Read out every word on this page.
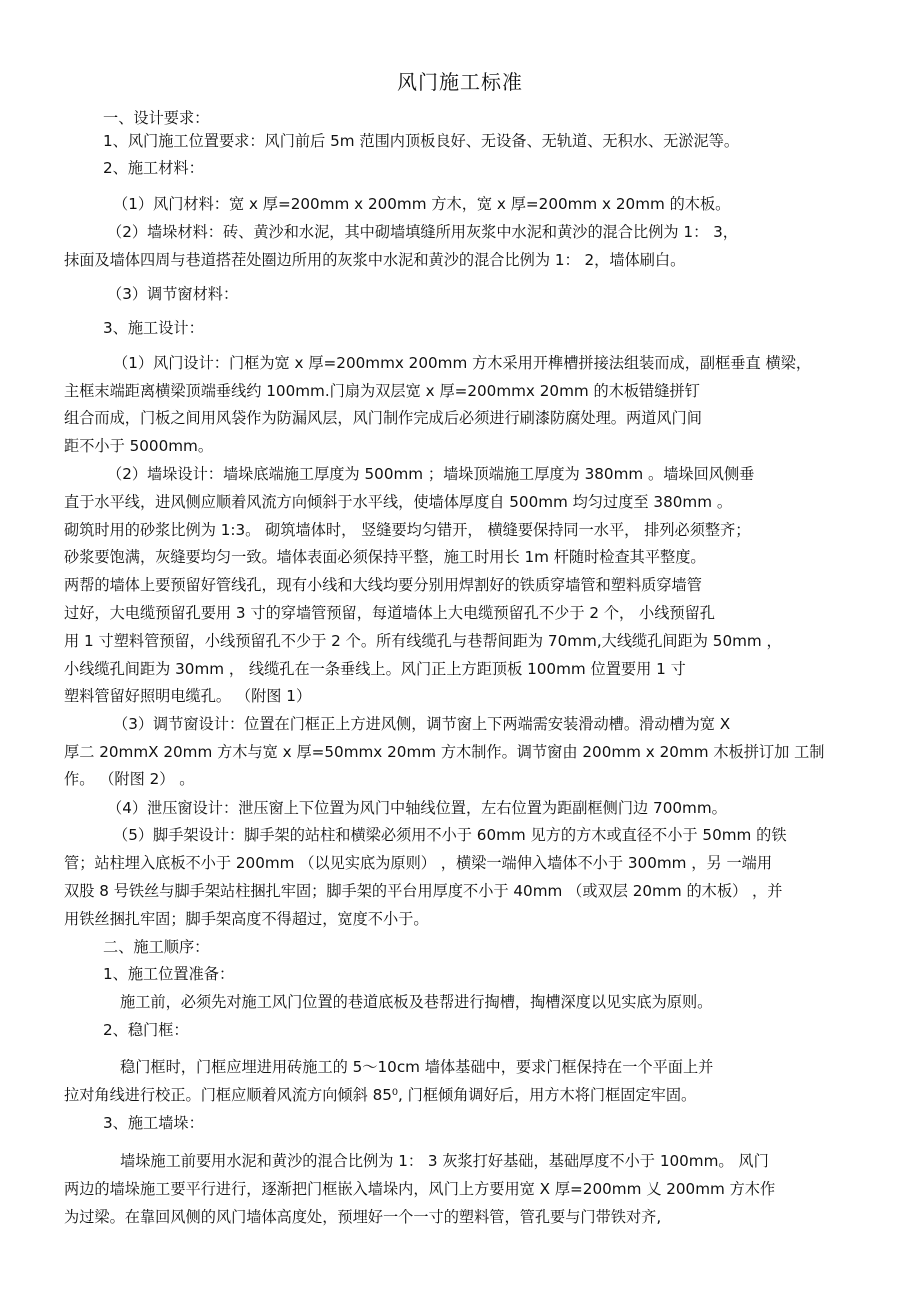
风门施工标准
一、设计要求：
1、风门施工位置要求：风门前后 5m 范围内顶板良好、无设备、无轨道、无积水、无淤泥等。
2、施工材料：
（1）风门材料：宽 x 厚=200mm x 200mm 方木，宽 x 厚=200mm x 20mm 的木板。
（2）墙垛材料：砖、黄沙和水泥，其中砌墙填缝所用灰浆中水泥和黄沙的混合比例为 1： 3，
抹面及墙体四周与巷道搭茬处圈边所用的灰浆中水泥和黄沙的混合比例为 1： 2，墙体刷白。
（3）调节窗材料：
3、施工设计：
（1）风门设计：门框为宽 x 厚=200mmx 200mm 方木采用开榫槽拼接法组装而成，副框垂直 横梁，
主框末端距离横梁顶端垂线约 100mm.门扇为双层宽 x 厚=200mmx 20mm 的木板错缝拼钉
组合而成，门板之间用风袋作为防漏风层，风门制作完成后必须进行刷漆防腐处理。两道风门间
距不小于 5000mm。
（2）墙垛设计：墙垛底端施工厚度为 500mm ；墙垛顶端施工厚度为 380mm 。墙垛回风侧垂
直于水平线，进风侧应顺着风流方向倾斜于水平线，使墙体厚度自 500mm 均匀过度至 380mm 。
砌筑时用的砂浆比例为 1:3。 砌筑墙体时， 竖缝要均匀错开， 横缝要保持同一水平， 排列必须整齐；
砂浆要饱满，灰缝要均匀一致。墙体表面必须保持平整，施工时用长 1m 杆随时检查其平整度。
两帮的墙体上要预留好管线孔，现有小线和大线均要分别用焊割好的铁质穿墙管和塑料质穿墙管
过好，大电缆预留孔要用 3 寸的穿墙管预留，每道墙体上大电缆预留孔不少于 2 个， 小线预留孔
用 1 寸塑料管预留，小线预留孔不少于 2 个。所有线缆孔与巷帮间距为 70mm,大线缆孔间距为 50mm ，
小线缆孔间距为 30mm ， 线缆孔在一条垂线上。风门正上方距顶板 100mm 位置要用 1 寸
塑料管留好照明电缆孔。 （附图 1）
（3）调节窗设计：位置在门框正上方进风侧，调节窗上下两端需安装滑动槽。滑动槽为宽 X
厚二 20mmX 20mm 方木与宽 x 厚=50mmx 20mm 方木制作。调节窗由 200mm x 20mm 木板拼订加 工制
作。 （附图 2） 。
（4）泄压窗设计：泄压窗上下位置为风门中轴线位置，左右位置为距副框侧门边 700mm。
（5）脚手架设计：脚手架的站柱和横梁必须用不小于 60mm 见方的方木或直径不小于 50mm 的铁
管；站柱埋入底板不小于 200mm （以见实底为原则） ，横梁一端伸入墙体不小于 300mm ，另 一端用
双股 8 号铁丝与脚手架站柱捆扎牢固；脚手架的平台用厚度不小于 40mm （或双层 20mm 的木板） ，并
用铁丝捆扎牢固；脚手架高度不得超过，宽度不小于。
二、施工顺序：
1、施工位置准备：
施工前，必须先对施工风门位置的巷道底板及巷帮进行掏槽，掏槽深度以见实底为原则。
2、稳门框：
稳门框时，门框应埋进用砖施工的 5〜10cm 墙体基础中，要求门框保持在一个平面上并
拉对角线进行校正。门框应顺着风流方向倾斜 85⁰, 门框倾角调好后，用方木将门框固定牢固。
3、施工墙垛：
墙垛施工前要用水泥和黄沙的混合比例为 1： 3 灰浆打好基础，基础厚度不小于 100mm。 风门
两边的墙垛施工要平行进行，逐渐把门框嵌入墙垛内，风门上方要用宽 X 厚=200mm 乂 200mm 方木作
为过梁。在靠回风侧的风门墙体高度处，预埋好一个一寸的塑料管，管孔要与门带铁对齐,
